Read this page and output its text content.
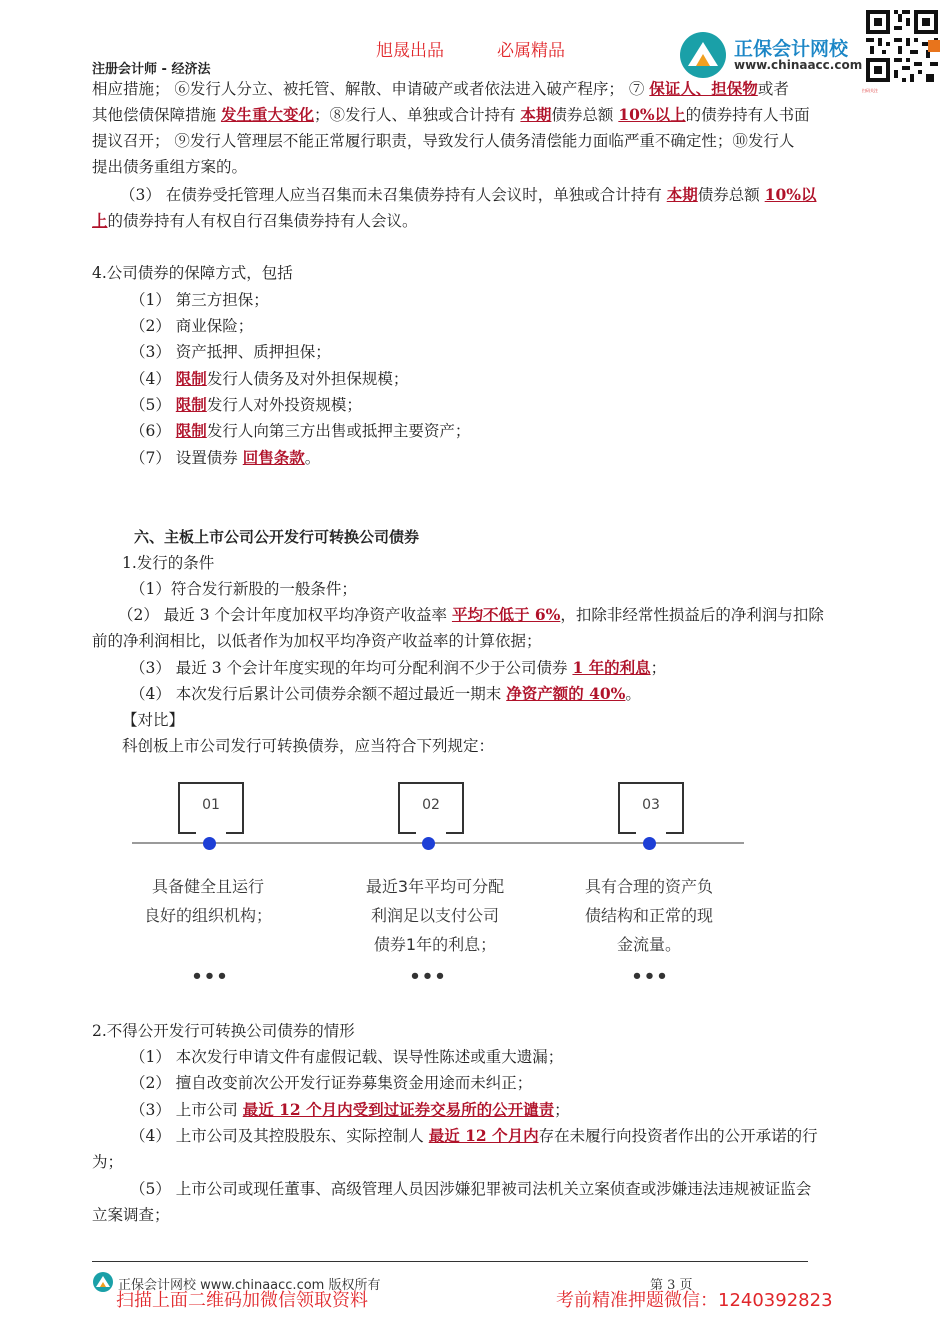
旭晟出品	必属精品
注册会计师 - 经济法
正保会计网校
www.chinaacc.com
扫码关注
相应措施； ⑥发行人分立、被托管、解散、申请破产或者依法进入破产程序； ⑦ 保证人、担保物或者
其他偿债保障措施 发生重大变化；⑧发行人、单独或合计持有 本期债券总额 10%以上的债券持有人书面
提议召开； ⑨发行人管理层不能正常履行职责，导致发行人债务清偿能力面临严重不确定性；⑩发行人
提出债务重组方案的。
（3） 在债券受托管理人应当召集而未召集债券持有人会议时，单独或合计持有 本期债券总额 10%以
上的债券持有人有权自行召集债券持有人会议。
4.公司债券的保障方式，包括
（1） 第三方担保；
（2） 商业保险；
（3） 资产抵押、质押担保；
（4） 限制发行人债务及对外担保规模；
（5） 限制发行人对外投资规模；
（6） 限制发行人向第三方出售或抵押主要资产；
（7） 设置债券 回售条款。
六、主板上市公司公开发行可转换公司债券
1.发行的条件
（1）符合发行新股的一般条件；
（2） 最近 3 个会计年度加权平均净资产收益率 平均不低于 6%，扣除非经常性损益后的净利润与扣除
前的净利润相比，以低者作为加权平均净资产收益率的计算依据；
（3） 最近 3 个会计年度实现的年均可分配利润不少于公司债券 1 年的利息；
（4） 本次发行后累计公司债券余额不超过最近一期末 净资产额的 40%。
【对比】
科创板上市公司发行可转换债券，应当符合下列规定：
01	02	03
具备健全且运行
良好的组织机构；
最近3年平均可分配
利润足以支付公司
债券1年的利息；
具有合理的资产负
债结构和正常的现
金流量。
•••	•••	•••
2.不得公开发行可转换公司债券的情形
（1） 本次发行申请文件有虚假记载、误导性陈述或重大遗漏；
（2） 擅自改变前次公开发行证券募集资金用途而未纠正；
（3） 上市公司 最近 12 个月内受到过证券交易所的公开谴责；
（4） 上市公司及其控股股东、实际控制人 最近 12 个月内存在未履行向投资者作出的公开承诺的行
为；
（5） 上市公司或现任董事、高级管理人员因涉嫌犯罪被司法机关立案侦查或涉嫌违法违规被证监会
立案调查；
正保会计网校 www.chinaacc.com 版权所有	第 3 页
扫描上面二维码加微信领取资料	考前精准押题微信：1240392823
